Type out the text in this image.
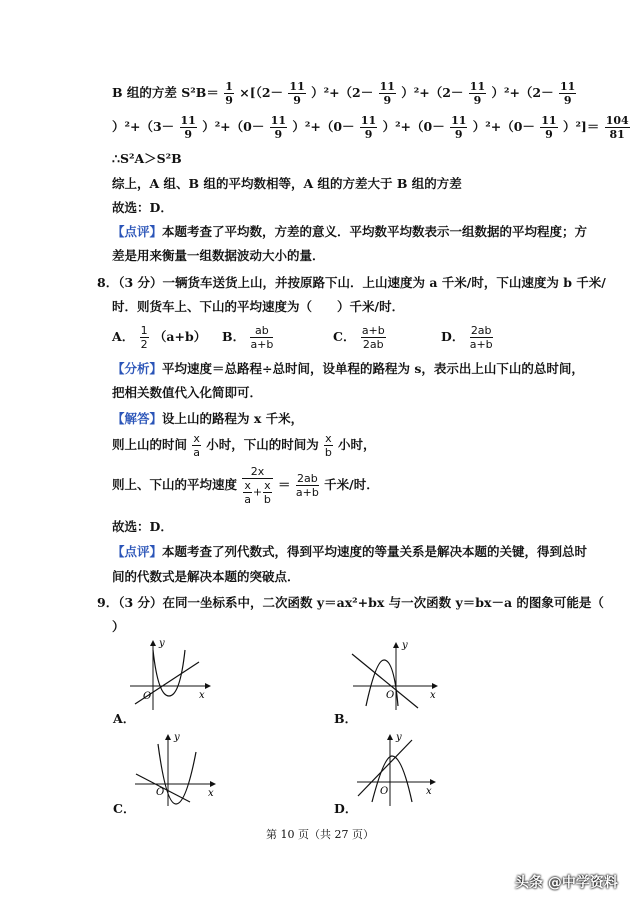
B 组的方差 $S^2B= \frac{1}{9} \times[(2- \frac{11}{9} )^2+(2- \frac{11}{9} )^2+(2- \frac{11}{9} )^2+(2- \frac{11}{9}$
）$^2+(3- \frac{11}{9} )^2+(0- \frac{11}{9} )^2+(0- \frac{11}{9} )^2+(0- \frac{11}{9} )^2+(0- \frac{11}{9} )^2]= \frac{104}{81}$
∴S²A＞S²B
综上，A 组、B 组的平均数相等，A 组的方差大于 B 组的方差
故选：D．
【点评】本题考查了平均数，方差的意义．平均数平均数表示一组数据的平均程度；方
差是用来衡量一组数据波动大小的量．
8．（3 分）一辆货车送货上山，并按原路下山．上山速度为 a 千米/时，下山速度为 b 千米/
时．则货车上、下山的平均速度为（　　）千米/时．
A． $\frac{1}{2} (a+b)$ B． $\frac{ab}{a+b}$	C． $\frac{a+b}{2ab}$	D． $\frac{2ab}{a+b}$
【分析】平均速度＝总路程÷总时间，设单程的路程为 s，表示出上山下山的总时间，
把相关数值代入化简即可．
【解答】设上山的路程为 x 千米，
则上山的时间 $\frac{x}{a}$ 小时，下山的时间为 $\frac{x}{b}$ 小时，
则上、下山的平均速度 $\frac{2x}{\frac{x}{a} + \frac{x}{b}} = \frac{2ab}{a+b}$ 千米/时．
故选：D．
【点评】本题考查了列代数式，得到平均速度的等量关系是解决本题的关键，得到总时
间的代数式是解决本题的突破点．
9．（3 分）在同一坐标系中，二次函数 y＝ax²+bx 与一次函数 y＝bx－a 的图象可能是（
）
y
x
O
A．
y
x
O
B．
y
x
O
C．
y
x
O
D．
第 10 页（共 27 页）
头条 @中学资料
